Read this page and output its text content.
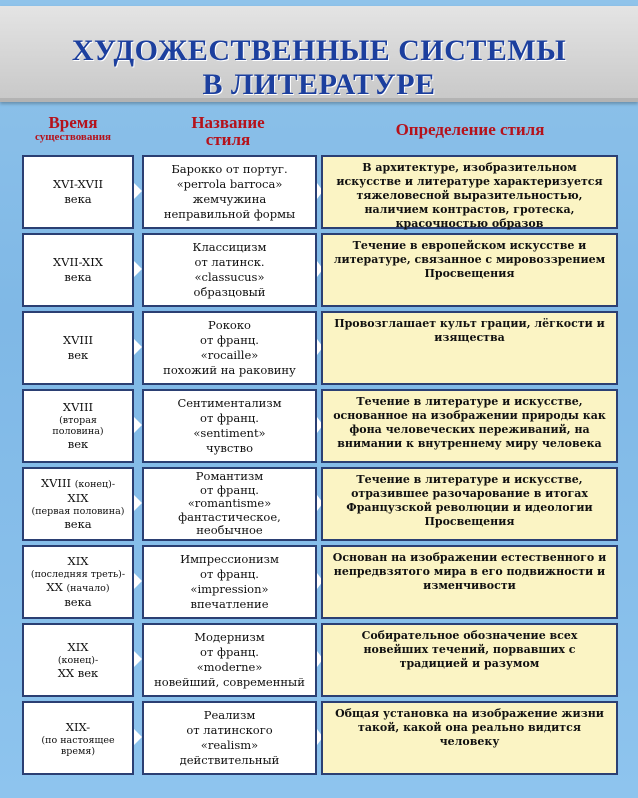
ХУДОЖЕСТВЕННЫЕ СИСТЕМЫ
В ЛИТЕРАТУРЕ
Время
существования
Название
стиля
Определение стиля
XVI-XVII
века
Барокко от португ.
«perrola barroca»
жемчужина
неправильной формы
В архитектуре, изобразительном искусстве и литературе характеризуется тяжеловесной выразительностью, наличием контрастов, гротеска, красочностью образов
XVII-XIX
века
Классицизм
от латинск.
«classucus»
образцовый
Течение в европейском искусстве и литературе, связанное с мировоззрением Просвещения
XVIII
век
Рококо
от франц.
«rocaille»
похожий на раковину
Провозглашает культ грации, лёгкости и изящества
XVIII
(вторая
половина)
век
Сентиментализм
от франц.
«sentiment»
чувство
Течение в литературе и искусстве, основанное на изображении природы как фона человеческих переживаний, на внимании к внутреннему миру человека
XVIII (конец)-
XIX
(первая половина)
века
Романтизм
от франц.
«romantisme»
фантастическое,
необычное
Течение в литературе и искусстве, отразившее разочарование в итогах Французской революции и идеологии Просвещения
XIX
(последняя треть)-
XX (начало)
века
Импрессионизм
от франц.
«impression»
впечатление
Основан на изображении естественного и непредвзятого мира в его подвижности и изменчивости
XIX
(конец)-
XX век
Модернизм
от франц.
«moderne»
новейший, современный
Собирательное обозначение всех новейших течений, порвавших с традицией и разумом
XIX-
(по настоящее
время)
Реализм
от латинского
«realism»
действительный
Общая установка на изображение жизни такой, какой она реально видится человеку
